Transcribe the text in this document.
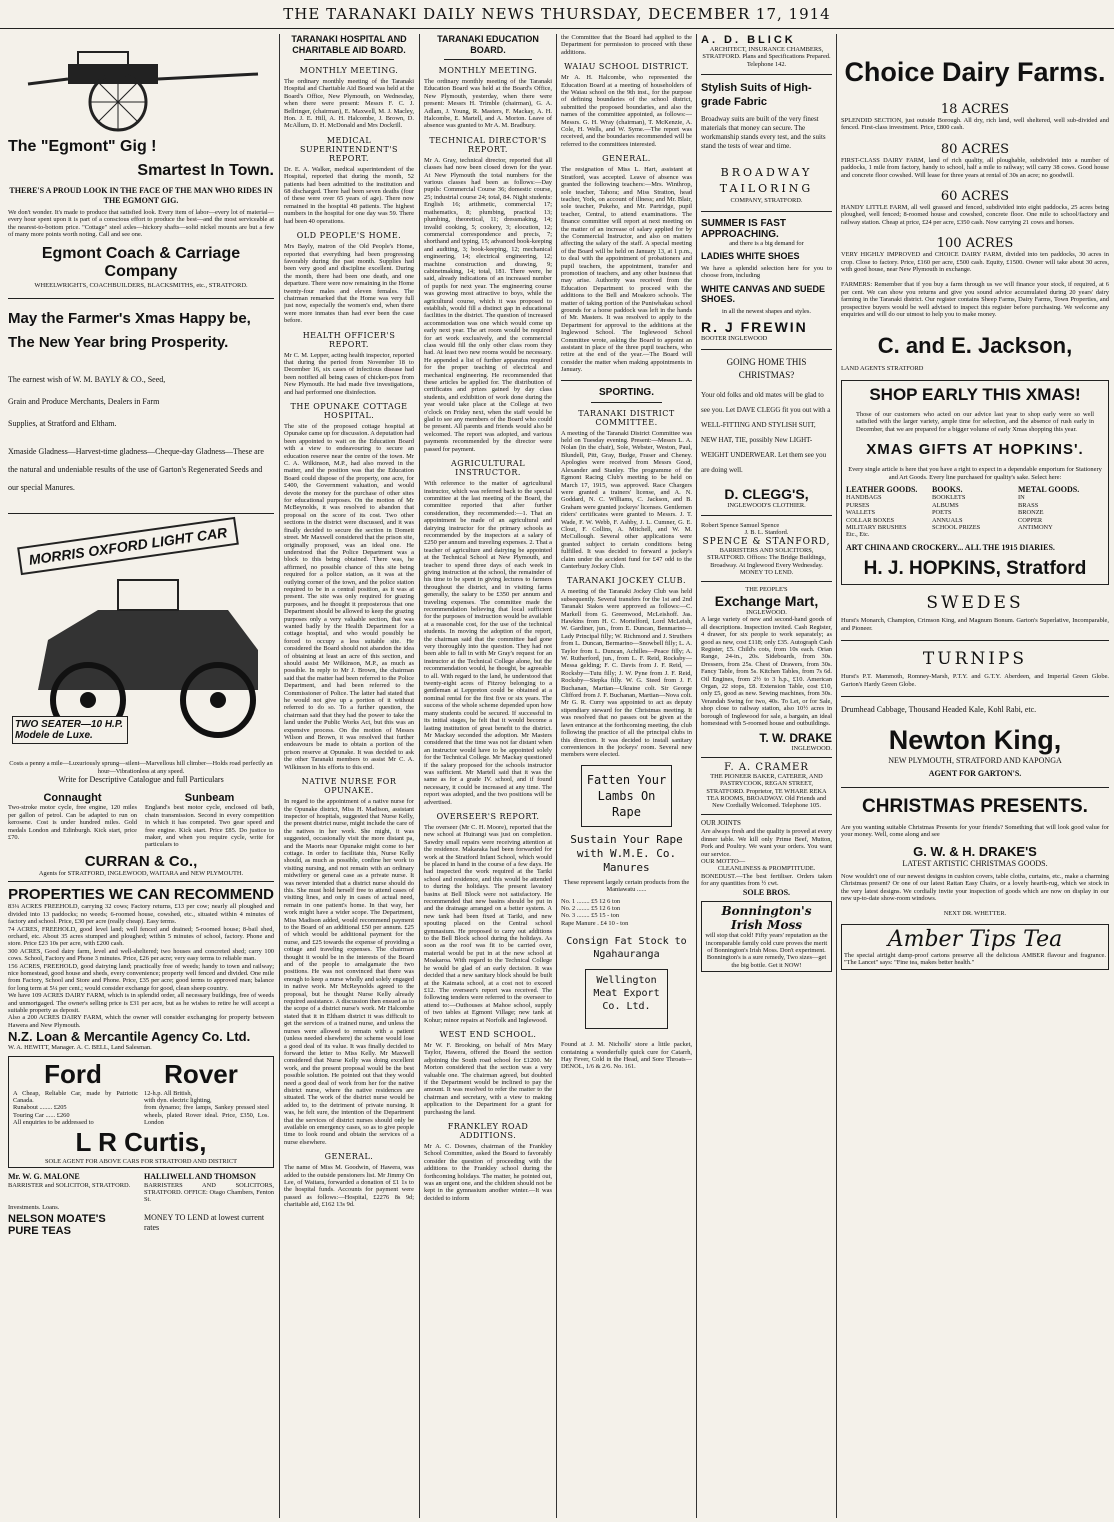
THE TARANAKI DAILY NEWS THURSDAY, DECEMBER 17, 1914
The "Egmont" Gig !
Smartest In Town.
THERE'S A PROUD LOOK IN THE FACE OF THE MAN WHO RIDES IN THE EGMONT GIG.
We don't wonder. It's made to produce that satisfied look. Every item of labor—every lot of material—every hour spent upon it is part of a conscious effort to produce the best—and the most serviceable at the nearest-to-bottom price. "Cottage" steel axles—hickory shafts—solid nickel mounts are but a few of many more points worth noting. Call and see one.
Egmont Coach & Carriage Company
WHEELWRIGHTS, COACHBUILDERS, BLACKSMITHS, etc., STRATFORD.
May the Farmer's Xmas Happy be, The New Year bring Prosperity.
The earnest wish of W. M. BAYLY & CO., Seed,
Grain and Produce Merchants, Dealers in Farm
Supplies, at Stratford and Eltham.
Xmaside Gladness—Harvest-time gladness—Cheque-day Gladness—These are the natural and undeniable results of the use of Garton's Regenerated Seeds and our special Manures.
MORRIS OXFORD LIGHT CAR
TWO SEATER—10 H.P. Modele de Luxe.
Costs a penny a mile—Luxuriously sprung—silent—Marvellous hill climber—Holds road perfectly an hour—Vibrationless at any speed.
Write for Descriptive Catalogue and full Particulars
Connaught
Two-stroke motor cycle, free engine, 120 miles per gallon of petrol. Can be adapted to run on kerosene. Cost is under hundred miles. Gold medals London and Edinburgh. Kick start, price £70.
Sunbeam
England's best motor cycle, enclosed oil bath, chain transmission. Second in every competition in which it has competed. Two gear speed and free engine. Kick start. Price £85. Do justice to maker, and when you require cycle, write for particulars to
CURRAN & Co.,
Agents for STRATFORD, INGLEWOOD, WAITARA and NEW PLYMOUTH.
PROPERTIES WE CAN RECOMMEND
83¼ ACRES FREEHOLD, carrying 32 cows; Factory returns, £13 per cow; nearly all ploughed and divided into 13 paddocks; no weeds; 6-roomed house, cowshed, etc., situated within 4 minutes of factory and school. Price, £30 per acre (really cheap). Easy terms.
74 ACRES, FREEHOLD, good level land; well fenced and drained; 5-roomed house; 8-bail shed, orchard, etc. About 35 acres stumped and ploughed; within 5 minutes of school, factory. Phone and store. Price £23 10s per acre, with £200 cash.
300 ACRES, Good dairy farm, level and well-sheltered; two houses and concreted shed; carry 100 cows. School, Factory and Phone 3 minutes. Price, £26 per acre; very easy terms to reliable man.
156 ACRES, FREEHOLD, good dairying land; practically free of weeds; handy to town and railway; nice homestead, good house and sheds, every convenience; property well fenced and divided. One mile from Factory, School and Store and Phone. Price, £35 per acre; good terms to approved man; balance for long term at 5¼ per cent.; would consider exchange for good, clean sheep country.
We have 109 ACRES DAIRY FARM, which is in splendid order, all necessary buildings, free of weeds and unmortgaged. The owner's selling price is £31 per acre, but as he wishes to retire he will accept a suitable property as deposit.
Also a 200 ACRES DAIRY FARM, which the owner will consider exchanging for property between Hawera and New Plymouth.
N.Z. Loan & Mercantile Agency Co. Ltd.
W. A. HEWITT, Manager. A. C. BELL, Land Salesman.
Ford Rover
A Cheap, Reliable Car, made by Patriotic Canada.
Runabout ........ £205
Touring Car ...... £260
All enquiries to be addressed to
12-h.p. All British,
with dyn. electric lighting,
from dynamo; five lamps, Sankey pressed steel wheels, plated Rover ideal. Price, £350, Los. London
L R Curtis,
SOLE AGENT FOR ABOVE CARS FOR STRATFORD AND DISTRICT
Mr. W. G. MALONE
BARRISTER and SOLICITOR, STRATFORD.
HALLIWELL AND THOMSON
BARRISTERS AND SOLICITORS, STRATFORD. OFFICE: Otago Chambers, Fenton St.
Investments. Loans.
NELSON MOATE'S PURE TEAS
MONEY TO LEND at lowest current rates
TARANAKI HOSPITAL AND CHARITABLE AID BOARD.
MONTHLY MEETING.

The ordinary monthly meeting of the Taranaki Hospital and Charitable Aid Board was held at the Board's Office, New Plymouth, on Wednesday, when there were present: Messrs F. C. J. Bellringer, (chairman), E. Maxwell, M. J. Macley, Hon. J. E. Hill, A. H. Halcombe, J. Brown, D. McAllum, D. H. McDonald and Mrs Dockrill.

MEDICAL SUPERINTENDENT'S REPORT.

Dr. E. A. Walker, medical superintendent of the Hospital, reported that during the month, 52 patients had been admitted to the institution and 68 discharged. There had been seven deaths (four of these were over 65 years of age). There now remained in the hospital 48 patients. The highest numbers in the hospital for one day was 59. There had been 40 operations.

OLD PEOPLE'S HOME.

Mrs Bayly, matron of the Old People's Home, reported that everything had been progressing favorably during the past month. Supplies had been very good and discipline excellent. During the month, there had been one death, and one departure. There were now remaining in the Home twenty-four males and eleven females. The chairman remarked that the Home was very full just now, especially the women's end, when there were more inmates than had ever been the case before.

HEALTH OFFICER'S REPORT.

Mr C. M. Lepper, acting health inspector, reported that during the period from November 18 to December 16, six cases of infectious disease had been notified all being cases of chicken-pox from New Plymouth. He had made five investigations, and had performed one disinfection.

THE OPUNAKE COTTAGE HOSPITAL.

The site of the proposed cottage hospital at Opunake came up for discussion. A deputation had been appointed to wait on the Education Board with a view to endeavouring to secure an education reserve near the centre of the town. Mr C. A. Wilkinson, M.P., had also moved in the matter, and the position was that the Education Board could dispose of the property, one acre, for £400, the Government valuation, and would devote the money for the purchase of other sites for educational purposes. On the motion of Mr McBeynolds, it was resolved to abandon that proposal on the score of its cost. Two other sections in the district were discussed, and it was finally decided to secure the section in Domett street. Mr Maxwell considered that the prison site, originally proposed, was an ideal one. He understood that the Police Department was a block to this being obtained. There was, he affirmed, no possible chance of this site being required for a police station, as it was at the outlying corner of the town, and the police station required to be in a central position, as it was at present. The site was only required for grazing purposes, and he thought it preposterous that one Department should be allowed to keep the grazing purposes only a very valuable section, that was wanted badly by the Health Department for a cottage hospital, and who would possibly be forced to occupy a less suitable site. He considered the Board should not abandon the idea of obtaining at least an acre of this section, and should assist Mr Wilkinson, M.P., as much as possible. In reply to Mr J. Brown, the chairman said that the matter had been referred to the Police Department, and had been referred to the Commissioner of Police. The latter had stated that he would not give up a portion of it without referred to do so. To a further question, the chairman said that they had the power to take the land under the Public Works Act, but this was an expensive process. On the motion of Messrs Wilson and Brown, it was resolved that further endeavours be made to obtain a portion of the prison reserve at Opunake. It was decided to ask the other Taranaki members to assist Mr C. A. Wilkinson in his efforts to this end.

NATIVE NURSE FOR OPUNAKE.

In regard to the appointment of a native nurse for the Opunake district, Miss H. Madison, assistant inspector of hospitals, suggested that Nurse Kelly, the present district nurse, might include the care of the natives in her work. She might, it was suggested, occasionally visit the more distant pa, and the Maoris near Opunake might come to her cottage. In order to facilitate this, Nurse Kelly should, as much as possible, confine her work to visiting nursing, and not remain with an ordinary midwifery or general case as a private nurse. It was never intended that a district nurse should do this. She must hold herself free to attend cases of visiting lines, and only in cases of actual need, remain in one patient's home. In that way, her work might have a wider scope. The Department, Miss Madison added, would recommend payment to the Board of an additional £50 per annum. £25 of which would be additional payment for the nurse, and £25 towards the expense of providing a cottage and traveling expenses. The chairman thought it would be in the interests of the Board and of the people to amalgamate the two positions. He was not convinced that there was enough to keep a nurse wholly and solely engaged in native work. Mr McReynolds agreed to the proposal, but he thought Nurse Kelly already required assistance. A discussion then ensued as to the scope of a district nurse's work. Mr Halcombe stated that it in Eltham district it was difficult to get the services of a trained nurse, and unless the nurses were allowed to remain with a patient (unless needed elsewhere) the scheme would lose a good deal of its value. It was finally decided to forward the letter to Miss Kelly. Mr Maxwell considered that Nurse Kelly was doing excellent work, and the present proposal would be the best possible solution. He pointed out that they would need a good deal of work from her for the native district nurse, where the native residences are situated. The work of the district nurse would be added to, to the detriment of private nursing. It was, he felt sure, the intention of the Department that the services of district nurses should only be available on emergency cases, so as to give people time to look round and obtain the services of a nurse elsewhere.

GENERAL.

The name of Miss M. Goodwin, of Hawera, was added to the outside pensioners list. Mr Jimmy On Lee, of Waitara, forwarded a donation of £1 1s to the hospital funds. Accounts for payment were passed as follows:—Hospital, £2276 8s 9d; charitable aid, £162 13s 9d.

TARANAKI EDUCATION BOARD.
MONTHLY MEETING.

The ordinary monthly meeting of the Taranaki Education Board was held at the Board's Office, New Plymouth, yesterday, when there were present: Messrs H. Trimble (chairman), G. A. Adlam, J. Young, R. Masters, F. Mackay, A. H. Halcombe, E. Martell, and A. Morton. Leave of absence was granted to Mr A. M. Bradbury.

TECHNICAL DIRECTOR'S REPORT.

Mr A. Gray, technical director, reported that all classes had now been closed down for the year. At New Plymouth the total numbers for the various classes had been as follows:—Day pupils: Commercial Course 36; domestic course, 25; industrial course 24; total, 84. Night students: English 16; arithmetic, commercial 17; mathematics, 8; plumbing, practical 13; plumbing, theoretical, 11; dressmaking, 14; invalid cooking, 5; cookery, 3; elocution, 12; commercial correspondence and precis, 7; shorthand and typing, 15; advanced book-keeping and auditing, 3; book-keeping, 12; mechanical engineering, 14; electrical engineering, 12; machine construction and drawing, 9; cabinetmaking, 14; total, 181. There were, he said, already indications of an increased number of pupils for next year. The engineering course was growing most attractive to boys, while the agricultural course, which it was proposed to establish, would fill a distinct gap in educational facilities in the district. The question of increased accommodation was one which would come up early next year. The art room would be required for art work exclusively, and the commercial class would fill the only other class room they had. At least two new rooms would be necessary. He appended a list of further apparatus required for the proper teaching of electrical and mechanical engineering. He recommended that these articles be applied for. The distribution of certificates and prizes gained by day class students, and exhibition of work done during the year would take place at the College at two o'clock on Friday next, when the staff would be glad to see any members of the Board who could be present. All parents and friends would also be welcomed. The report was adopted, and various payments recommended by the director were passed for payment.

AGRICULTURAL INSTRUCTOR.

With reference to the matter of agricultural instructor, which was referred back to the special committee at the last meeting of the Board, the committee reported that after further consideration, they recommended:—1. That an appointment be made of an agricultural and dairying instructor for the primary schools as recommended by the inspectors at a salary of £250 per annum and traveling expenses. 2. That a teacher of agriculture and dairying be appointed at the Technical School at New Plymouth, and teacher to spend three days of each week in giving instruction at the school, the remainder of his time to be spent in giving lectures to farmers throughout the district, and in visiting farms generally, the salary to be £350 per annum and traveling expenses. The committee made the recommendation believing that local sufficient for the purposes of instruction would be available at a reasonable cost, for the use of the technical students. In moving the adoption of the report, the chairman said that the committee had gone very thoroughly into the question. They had not been able to fall in with Mr Gray's request for an instructor at the Technical College alone, but the recommendation would, he thought, be agreeable to all. With regard to the land, he understood that twenty-eight acres of Fitzroy belonging to a gentleman at Leppreton could be obtained at a nominal rental for the first five or six years. The success of the whole scheme depended upon how many students could be secured. If successful in its initial stages, he felt that it would become a lasting institution of great benefit to the district. Mr Mackay seconded the adoption. Mr Masters considered that the time was not far distant when an instructor would have to be appointed solely for the Technical College. Mr Mackay questioned if the salary proposed for the schools instructor was sufficient. Mr Martell said that it was the same as for a grade IV. school, and if found necessary, it could be increased at any time. The report was adopted, and the two positions will be advertised.

OVERSEER'S REPORT.

The overseer (Mr C. H. Moore), reported that the new school at Huirangi was just on completion. Sawdry small repairs were receiving attention at the residence. Makaraka had been forwarded for work at the Stratford Infant School, which would be placed in hand in the course of a few days. He had inspected the work required at the Tariki school and residence, and this would be attended to during the holidays. The present lavatory basins at Bell Block were not satisfactory. He recommended that new basins should be put in and the drainage arranged on a better system. A new tank had been fixed at Tariki, and new spouting placed on the Central school gymnasium. He proposed to carry out additions to the Bell Block school during the holidays. As soon as the roof was fit to be carried over, material would be put in at the new school at Moakaroa. With regard to the Technical College he would be glad of an early decision. It was decided that a new sanitary block should be built at the Kaimata school, at a cost not to exceed £12. The overseer's report was received. The following tenders were referred to the overseer to attend to:—Outhouses at Mahoe school, supply of two tables at Egmont Village; new tank at Kohur; minor repairs at Norfolk and Inglewood.

WEST END SCHOOL.

Mr W. F. Brooking, on behalf of Mrs Mary Taylor, Hawera, offered the Board the section adjoining the South road school for £1200. Mr Morton considered that the section was a very valuable one. The chairman agreed, but doubted if the Department would be inclined to pay the amount. It was resolved to refer the matter to the chairman and secretary, with a view to making application to the Department for a grant for purchasing the land.

FRANKLEY ROAD ADDITIONS.

Mr A. C. Downes, chairman of the Frankley School Committee, asked the Board to favorably consider the question of proceeding with the additions to the Frankley school during the forthcoming holidays. The matter, he pointed out, was an urgent one, and the children should not be kept in the gymnasium another winter.—It was decided to inform

the Committee that the Board had applied to the Department for permission to proceed with these additions.

WAIAU SCHOOL DISTRICT.

Mr A. H. Halcombe, who represented the Education Board at a meeting of householders of the Waiau school on the 9th inst., for the purpose of defining boundaries of the school district, submitted the proposed boundaries, and also the names of the committee appointed, as follows:—Messrs. G. H. Wray (chairman), T. McKenzie, A. Cole, H. Wells, and W. Syme.—The report was received, and the boundaries recommended will be referred to the committees interested.

GENERAL.

The resignation of Miss L. Hart, assistant at Stratford, was accepted. Leave of absence was granted the following teachers:—Mrs. Winthrop, sole teacher, Tahora; and Miss Stratton, head teacher, York, on account of illness; and Mr. Blair, sole teacher, Pukeho, and Mr. Partridge, pupil teacher, Central, to attend examinations. The finance committee will report at next meeting on the matter of an increase of salary applied for by the Commercial Instructor, and also on matters affecting the salary of the staff. A special meeting of the Board will be held on January 13, at 1 p.m., to deal with the appointment of probationers and pupil teachers, the appointment, transfer and promotion of teachers, and any other business that may arise. Authority was received from the Education Department to proceed with the additions to the Bell and Moakoro schools. The matter of taking portion of the Puniwhakau school grounds for a horse paddock was left in the hands of Mr. Masters. It was resolved to apply to the Department for approval to the additions at the Inglewood School. The Inglewood School Committee wrote, asking the Board to appoint an assistant in place of the three pupil teachers, who retire at the end of the year.—The Board will consider the matter when making appointments in January.

SPORTING.
TARANAKI DISTRICT COMMITTEE.

A meeting of the Taranaki District Committee was held on Tuesday evening. Present:—Messrs L. A. Nolan (in the chair), Sole, Webster, Weston, Paul, Blundell, Pitt, Gray, Budge, Fraser and Cheney. Apologies were received from Messrs Good, Alexander and Stanley. The programme of the Egmont Racing Club's meeting to be held on March 17, 1915, was approved. Race Chargers were granted a trainers' license, and A. N. Goddard, N. C. Williams, C. Jackson, and B. Graham were granted jockeys' licenses. Gentlemen riders' certificates were granted to Messrs. J. T. Wade, F. W. Webb, F. Ashby, J. L. Cumner, G. E. Clout, F. Collins, A. Mitchell, and W. M. McCullough. Several other applications were granted subject to certain conditions being fulfilled. It was decided to forward a jockey's claim under the accident fund for £47 odd to the Canterbury Jockey Club.

TARANAKI JOCKEY CLUB.

A meeting of the Taranaki Jockey Club was held subsequently. Several transfers for the 1st and 2nd Taranaki Stakes were approved as follows:—C. Markell from G. Greenwood, McLeishoff. Jas. Hawkins from H. C. Mortelford, Lord McLeish, W. Gardiner, jun., from E. Duncan, Benmarino—Lady Principal filly; W. Richmond and J. Struthers from L. Duncan, Bermarino—Snowbell filly; L. A. Taylor from L. Duncan, Achilles—Peace filly; A. W. Rutherford, jun., from L. F. Reid, Rocksby—Messa gelding; F. C. Davis from J. F. Reid, —Rocksby—Tutu filly; J. W. Pyne from J. F. Reid, Rocksby—Siepka filly. W. G. Steed from J. F. Buchanan, Martian—Ukraine colt. Sir George Clifford from J. F. Buchanan, Martian—Nova colt. Mr G. R. Curry was appointed to act as deputy stipendiary steward for the Christmas meeting. It was resolved that no passes out be given at the lawn entrance at the forthcoming meeting, the club following the practice of all the principal clubs in this direction. It was decided to install sanitary conveniences in the jockeys' room. Several new members were elected.

Fatten Your Lambs On Rape
Sustain Your Rape with W.M.E. Co. Manures
These represent largely certain products from the Maniawatu ......
No. 1 ........ £5 12 6 ton
No. 2 ........ £5 12 6 ton
No. 3 ........ £5 15 - ton
Rape Manure . £4 10 - ton
Consign Fat Stock to Ngahauranga
Wellington Meat Export Co. Ltd.

Found at J. M. Nicholls' store a little packet, containing a wonderfully quick cure for Catarrh, Hay Fever, Cold in the Head, and Sore Throats—DENOL, 1/6 & 2/6. No. 161.

A. D. BLICK
ARCHITECT, INSURANCE CHAMBERS, STRATFORD. Plans and Specifications Prepared. Telephone 142.
Stylish Suits of High-grade Fabric
Broadway suits are built of the very finest materials that money can secure. The workmanship stands every test, and the suits stand the tests of wear and time.
BROADWAY TAILORING
COMPANY, STRATFORD.
SUMMER IS FAST APPROACHING.
and there is a big demand for
LADIES WHITE SHOES
We have a splendid selection here for you to choose from, including
WHITE CANVAS AND SUEDE SHOES.
in all the newest shapes and styles.
R. J FREWIN
BOOTER INGLEWOOD
GOING HOME THIS CHRISTMAS?
Your old folks and old mates will be glad to see you. Let DAVE CLEGG fit you out with a WELL-FITTING AND STYLISH SUIT, NEW HAT, TIE, possibly New LIGHT-WEIGHT UNDERWEAR. Let them see you are doing well.
D. CLEGG'S,
INGLEWOOD'S CLOTHIER.
Robert Spence Samuel Spence
J. B. L. Stanford.
SPENCE & STANFORD,
BARRISTERS AND SOLICITORS, STRATFORD. Offices: The Bridge Buildings, Broadway. At Inglewood Every Wednesday. MONEY TO LEND.
THE PEOPLE'S
Exchange Mart,
INGLEWOOD.
A large variety of new and second-hand goods of all descriptions. Inspection invited. Cash Register, 4 drawer, for six people to work separately; as good as new, cost £118; only £35. Autograph Cash Register, £5. Child's cots, from 10s each. Orian Range, 24-in., 20s. Sideboards, from 30s. Dressers, from 25s. Chest of Drawers, from 30s. Fancy Table, from 5s. Kitchen Tables, from 7s 6d. Oil Engines, from 2½ to 3 h.p., £10. American Organ, 22 stops, £8. Extension Table, cost £10, only £5, good as new. Sewing machines, from 30s. Verandah Swing for two, 40s. To Let, or for Sale, shop close to railway station, also 10½ acres in borough of Inglewood for sale, a bargain, an ideal homestead with 5-roomed house and outbuildings.
T. W. DRAKE
INGLEWOOD.
F. A. CRAMER
THE PIONEER BAKER, CATERER, AND PASTRYCOOK, REGAN STREET, STRATFORD. Proprietor, TE WHARE REKA TEA ROOMS, BROADWAY. Old Friends and New Cordially Welcomed. Telephone 105.
OUR JOINTS
Are always fresh and the quality is proved at every dinner table. We kill only Prime Beef, Mutton, Pork and Poultry. We want your orders. You want our service.
OUR MOTTO—
CLEANLINESS & PROMPTITUDE.
BONEDUST.—The best fertiliser. Orders taken for any quantities from ½ cwt.
SOLE BROS.
Bonnington's Irish Moss
will stop that cold! Fifty years' reputation as the incomparable family cold cure proves the merit of Bonnington's Irish Moss. Don't experiment. Bonnington's is a sure remedy, Two sizes—get the big bottle. Get it NOW!
Choice Dairy Farms.
18 ACRES
SPLENDID SECTION, just outside Borough. All dry, rich land, well sheltered, well sub-divided and fenced. First-class investment. Price, £800 cash.
80 ACRES
FIRST-CLASS DAIRY FARM, land of rich quality, all ploughable, subdivided into a number of paddocks, 1 mile from factory, handy to school, half a mile to railway; will carry 38 cows. Good house and concrete floor cowshed. Will lease for three years at rental of 30s an acre; no goodwill.
60 ACRES
HANDY LITTLE FARM, all well grassed and fenced, subdivided into eight paddocks, 25 acres being ploughed, well fenced; 8-roomed house and cowshed, concrete floor. One mile to school/factory and railway station. Cheap at price, £24 per acre, £350 cash. Now carrying 21 cows and horses.
100 ACRES
VERY HIGHLY IMPROVED and CHOICE DAIRY FARM, divided into ten paddocks, 30 acres in crop. Close to factory. Price, £160 per acre, £500 cash. Equity, £1500. Owner will take about 30 acres, with good house, near New Plymouth in exchange.
FARMERS: Remember that if you buy a farm through us we will finance your stock, if required, at 6 per cent. We can show you returns and give you sound advice accumulated during 20 years' dairy farming in the Taranaki district. Our register contains Sheep Farms, Dairy Farms, Town Properties, and prospective buyers would be well advised to inspect this register before purchasing. We welcome any enquiries and will do our utmost to help you to make money.
C. and E. Jackson,
LAND AGENTS STRATFORD
SHOP EARLY THIS XMAS!
Those of our customers who acted on our advice last year to shop early were so well satisfied with the larger variety, ample time for selection, and the absence of rush early in December, that we are prepared for a bigger volume of early Xmas shopping this year.
XMAS GIFTS AT HOPKINS'.
Every single article is here that you have a right to expect in a dependable emporium for Stationery and Art Goods. Every line purchased for quality's sake. Select here:
LEATHER GOODS.
HANDBAGS
PURSES
WALLETS
COLLAR BOXES
MILITARY BRUSHES
Etc., Etc.
BOOKS.
BOOKLETS
ALBUMS
POETS
ANNUALS
SCHOOL PRIZES
METAL GOODS.
IN
BRASS
BRONZE
COPPER
ANTIMONY
ART CHINA AND CROCKERY... ALL THE 1915 DIARIES.
H. J. HOPKINS, Stratford
SWEDES
Hurst's Monarch, Champion, Crimson King, and Magnum Bonum. Garton's Superlative, Incomparable, and Pioneer.
TURNIPS
Hurst's P.T. Mammoth, Romney-Marsh, P.T.Y. and G.T.Y. Aberdeen, and Imperial Green Globe. Garton's Hardy Green Globe.
Drumhead Cabbage, Thousand Headed Kale, Kohl Rabi, etc.
Newton King,
NEW PLYMOUTH, STRATFORD AND KAPONGA
AGENT FOR GARTON'S.
CHRISTMAS PRESENTS.
Are you wanting suitable Christmas Presents for your friends? Something that will look good value for your money. Well, come along and see
G. W. & H. DRAKE'S
LATEST ARTISTIC CHRISTMAS GOODS.
Now wouldn't one of our newest designs in cushion covers, table cloths, curtains, etc., make a charming Christmas present? Or one of our latest Rattan Easy Chairs, or a lovely hearth-rug, which we stock in the very latest designs. We cordially invite your inspection of goods which are now on display in our new up-to-date show-room windows.
NEXT DR. WHETTER.
Amber Tips Tea
The special airtight damp-proof cartons preserve all the delicious AMBER flavour and fragrance. "The Lancet" says: "Fine tea, makes better health."
